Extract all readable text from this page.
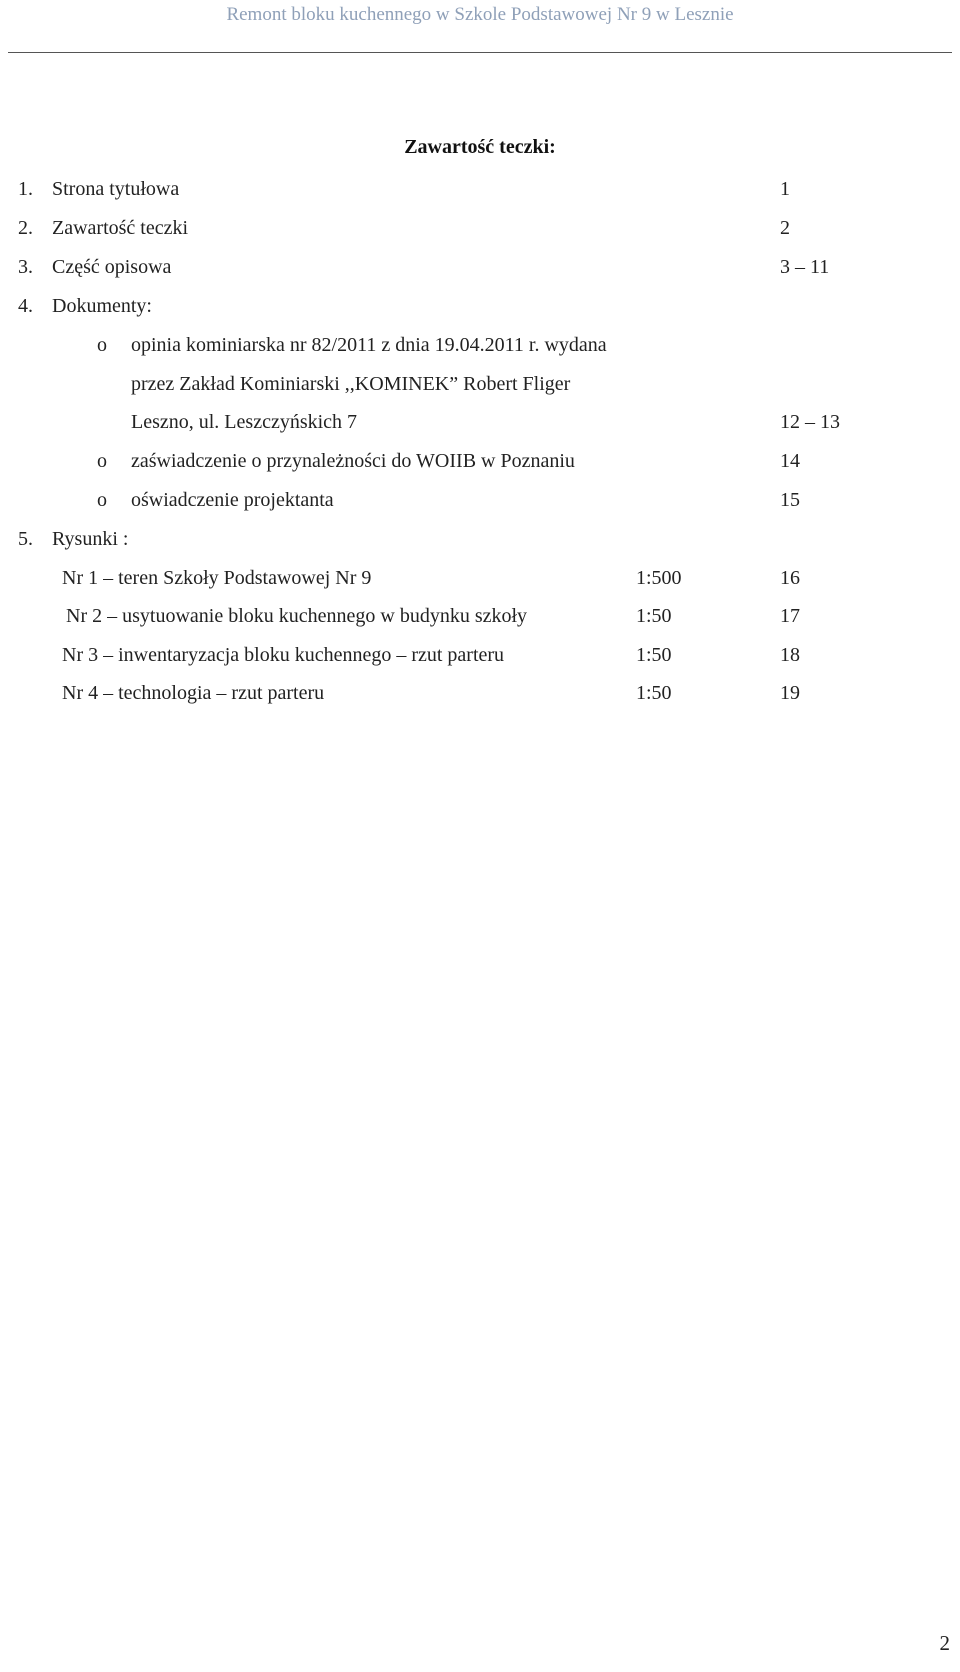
Remont bloku kuchennego w Szkole Podstawowej Nr 9 w Lesznie
Zawartość teczki:
1. Strona tytułowa	1
2. Zawartość teczki	2
3. Część opisowa	3 – 11
4. Dokumenty:
o opinia kominiarska nr 82/2011 z dnia 19.04.2011 r. wydana
przez Zakład Kominiarski ,,KOMINEK” Robert Fliger
Leszno, ul. Leszczyńskich 7	12 – 13
o zaświadczenie o przynależności do WOIIB w Poznaniu	14
o oświadczenie projektanta	15
5. Rysunki :
Nr 1 – teren Szkoły Podstawowej Nr 9	1:500	16
Nr 2 – usytuowanie bloku kuchennego w budynku szkoły	1:50	17
Nr 3 – inwentaryzacja bloku kuchennego – rzut parteru	1:50	18
Nr 4 – technologia – rzut parteru	1:50	19
2
